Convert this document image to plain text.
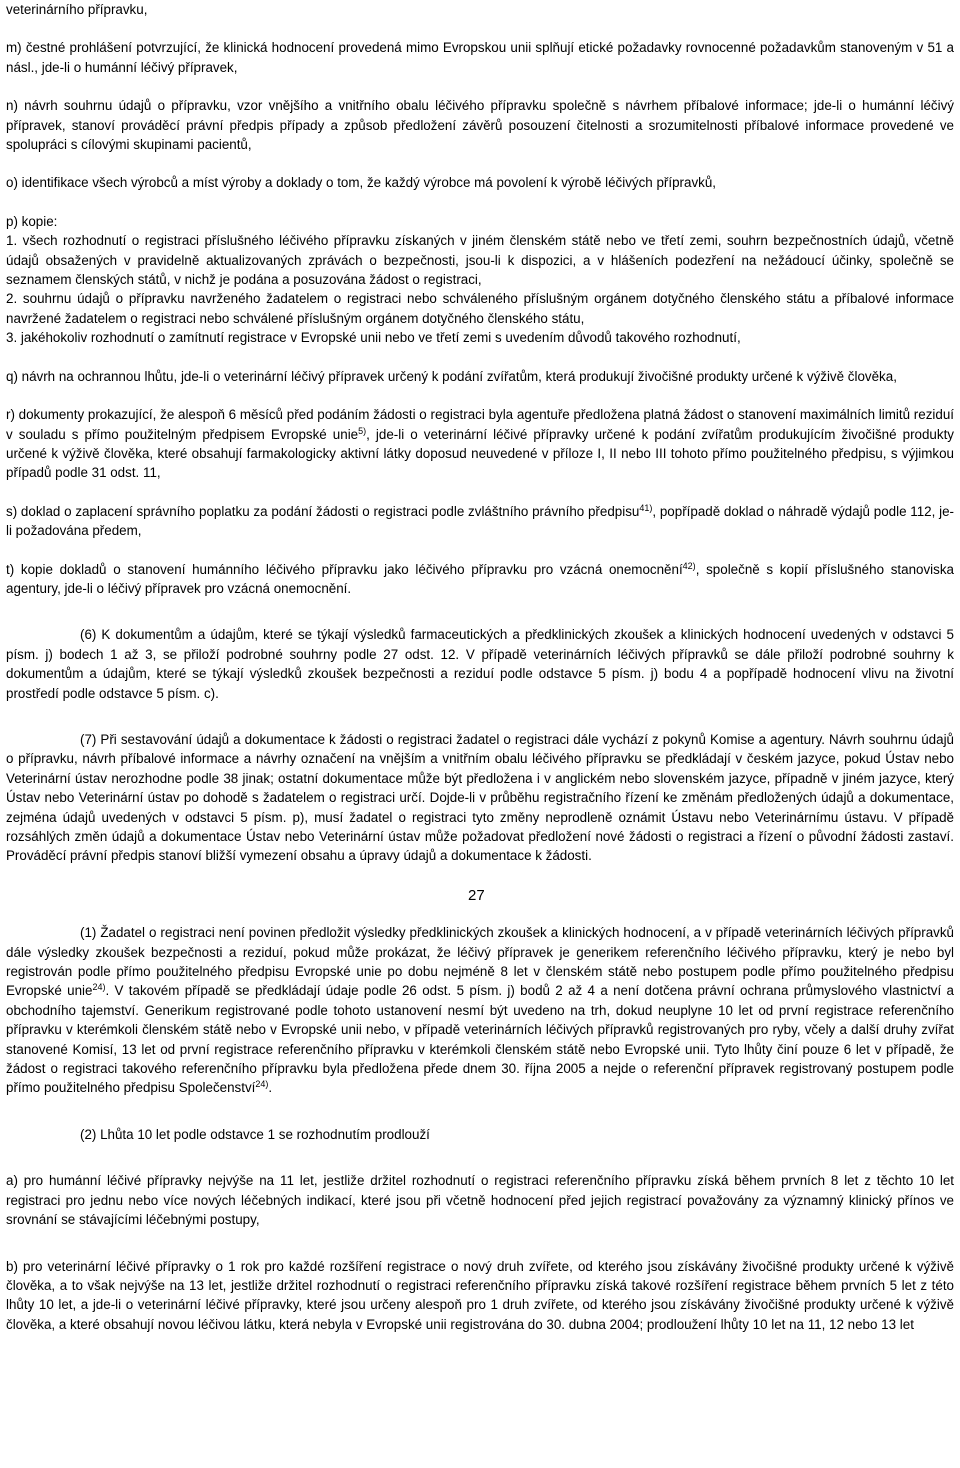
veterinárního přípravku,

m) čestné prohlášení potvrzující, že klinická hodnocení provedená mimo Evropskou unii splňují etické požadavky rovnocenné požadavkům stanoveným v 51 a násl., jde-li o humánní léčivý přípravek,

n) návrh souhrnu údajů o přípravku, vzor vnějšího a vnitřního obalu léčivého přípravku společně s návrhem příbalové informace; jde-li o humánní léčivý přípravek, stanoví prováděcí právní předpis případy a způsob předložení závěrů posouzení čitelnosti a srozumitelnosti příbalové informace provedené ve spolupráci s cílovými skupinami pacientů,

o) identifikace všech výrobců a míst výroby a doklady o tom, že každý výrobce má povolení k výrobě léčivých přípravků,

p) kopie:

1. všech rozhodnutí o registraci příslušného léčivého přípravku získaných v jiném členském státě nebo ve třetí zemi, souhrn bezpečnostních údajů, včetně údajů obsažených v pravidelně aktualizovaných zprávách o bezpečnosti, jsou-li k dispozici, a v hlášeních podezření na nežádoucí účinky, společně se seznamem členských států, v nichž je podána a posuzována žádost o registraci,

2. souhrnu údajů o přípravku navrženého žadatelem o registraci nebo schváleného příslušným orgánem dotyčného členského státu a příbalové informace navržené žadatelem o registraci nebo schválené příslušným orgánem dotyčného členského státu,

3. jakéhokoliv rozhodnutí o zamítnutí registrace v Evropské unii nebo ve třetí zemi s uvedením důvodů takového rozhodnutí,

q) návrh na ochrannou lhůtu, jde-li o veterinární léčivý přípravek určený k podání zvířatům, která produkují živočišné produkty určené k výživě člověka,

r) dokumenty prokazující, že alespoň 6 měsíců před podáním žádosti o registraci byla agentuře předložena platná žádost o stanovení maximálních limitů reziduí v souladu s přímo použitelným předpisem Evropské unie$^{5)}$, jde-li o veterinární léčivé přípravky určené k podání zvířatům produkujícím živočišné produkty určené k výživě člověka, které obsahují farmakologicky aktivní látky doposud neuvedené v příloze I, II nebo III tohoto přímo použitelného předpisu, s výjimkou případů podle 31 odst. 11,

s) doklad o zaplacení správního poplatku za podání žádosti o registraci podle zvláštního právního předpisu$^{41)}$, popřípadě doklad o náhradě výdajů podle 112, je-li požadována předem,

t) kopie dokladů o stanovení humánního léčivého přípravku jako léčivého přípravku pro vzácná onemocnění$^{42)}$, společně s kopií příslušného stanoviska agentury, jde-li o léčivý přípravek pro vzácná onemocnění.

(6) K dokumentům a údajům, které se týkají výsledků farmaceutických a předklinických zkoušek a klinických hodnocení uvedených v odstavci 5 písm. j) bodech 1 až 3, se přiloží podrobné souhrny podle 27 odst. 12. V případě veterinárních léčivých přípravků se dále přiloží podrobné souhrny k dokumentům a údajům, které se týkají výsledků zkoušek bezpečnosti a reziduí podle odstavce 5 písm. j) bodu 4 a popřípadě hodnocení vlivu na životní prostředí podle odstavce 5 písm. c).

(7) Při sestavování údajů a dokumentace k žádosti o registraci žadatel o registraci dále vychází z pokynů Komise a agentury. Návrh souhrnu údajů o přípravku, návrh příbalové informace a návrhy označení na vnějším a vnitřním obalu léčivého přípravku se předkládají v českém jazyce, pokud Ústav nebo Veterinární ústav nerozhodne podle 38 jinak; ostatní dokumentace může být předložena i v anglickém nebo slovenském jazyce, případně v jiném jazyce, který Ústav nebo Veterinární ústav po dohodě s žadatelem o registraci určí. Dojde-li v průběhu registračního řízení ke změnám předložených údajů a dokumentace, zejména údajů uvedených v odstavci 5 písm. p), musí žadatel o registraci tyto změny neprodleně oznámit Ústavu nebo Veterinárnímu ústavu. V případě rozsáhlých změn údajů a dokumentace Ústav nebo Veterinární ústav může požadovat předložení nové žádosti o registraci a řízení o původní žádosti zastaví. Prováděcí právní předpis stanoví bližší vymezení obsahu a úpravy údajů a dokumentace k žádosti.

27

(1) Žadatel o registraci není povinen předložit výsledky předklinických zkoušek a klinických hodnocení, a v případě veterinárních léčivých přípravků dále výsledky zkoušek bezpečnosti a reziduí, pokud může prokázat, že léčivý přípravek je generikem referenčního léčivého přípravku, který je nebo byl registrován podle přímo použitelného předpisu Evropské unie po dobu nejméně 8 let v členském státě nebo postupem podle přímo použitelného předpisu Evropské unie$^{24)}$. V takovém případě se předkládají údaje podle 26 odst. 5 písm. j) bodů 2 až 4 a není dotčena právní ochrana průmyslového vlastnictví a obchodního tajemství. Generikum registrované podle tohoto ustanovení nesmí být uvedeno na trh, dokud neuplyne 10 let od první registrace referenčního přípravku v kterémkoli členském státě nebo v Evropské unii nebo, v případě veterinárních léčivých přípravků registrovaných pro ryby, včely a další druhy zvířat stanovené Komisí, 13 let od první registrace referenčního přípravku v kterémkoli členském státě nebo Evropské unii. Tyto lhůty činí pouze 6 let v případě, že žádost o registraci takového referenčního přípravku byla předložena přede dnem 30. října 2005 a nejde o referenční přípravek registrovaný postupem podle přímo použitelného předpisu Společenství$^{24)}$.

(2) Lhůta 10 let podle odstavce 1 se rozhodnutím prodlouží

a) pro humánní léčivé přípravky nejvýše na 11 let, jestliže držitel rozhodnutí o registraci referenčního přípravku získá během prvních 8 let z těchto 10 let registraci pro jednu nebo více nových léčebných indikací, které jsou při včetně hodnocení před jejich registrací považovány za významný klinický přínos ve srovnání se stávajícími léčebnými postupy,

b) pro veterinární léčivé přípravky o 1 rok pro každé rozšíření registrace o nový druh zvířete, od kterého jsou získávány živočišné produkty určené k výživě člověka, a to však nejvýše na 13 let, jestliže držitel rozhodnutí o registraci referenčního přípravku získá takové rozšíření registrace během prvních 5 let z této lhůty 10 let, a jde-li o veterinární léčivé přípravky, které jsou určeny alespoň pro 1 druh zvířete, od kterého jsou získávány živočišné produkty určené k výživě člověka, a které obsahují novou léčivou látku, která nebyla v Evropské unii registrována do 30. dubna 2004; prodloužení lhůty 10 let na 11, 12 nebo 13 let
